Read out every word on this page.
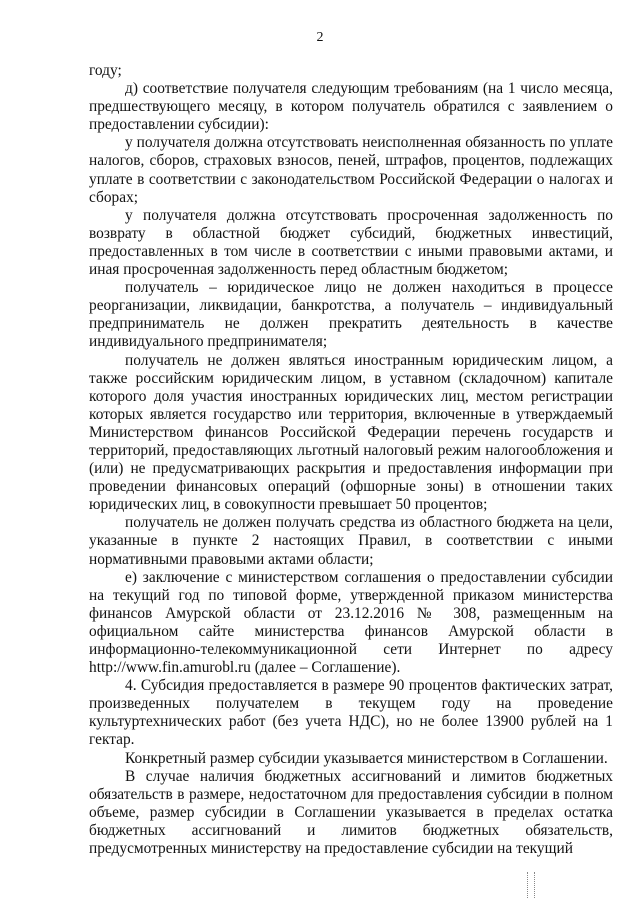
2

году;

д) соответствие получателя следующим требованиям (на 1 число месяца, предшествующего месяцу, в котором получатель обратился с заявлением о предоставлении субсидии):

у получателя должна отсутствовать неисполненная обязанность по уплате налогов, сборов, страховых взносов, пеней, штрафов, процентов, подлежащих уплате в соответствии с законодательством Российской Федерации о налогах и сборах;

у получателя должна отсутствовать просроченная задолженность по возврату в областной бюджет субсидий, бюджетных инвестиций, предоставленных в том числе в соответствии с иными правовыми актами, и иная просроченная задолженность перед областным бюджетом;

получатель – юридическое лицо не должен находиться в процессе реорганизации, ликвидации, банкротства, а получатель – индивидуальный предприниматель не должен прекратить деятельность в качестве индивидуального предпринимателя;

получатель не должен являться иностранным юридическим лицом, а также российским юридическим лицом, в уставном (складочном) капитале которого доля участия иностранных юридических лиц, местом регистрации которых является государство или территория, включенные в утверждаемый Министерством финансов Российской Федерации перечень государств и территорий, предоставляющих льготный налоговый режим налогообложения и (или) не предусматривающих раскрытия и предоставления информации при проведении финансовых операций (офшорные зоны) в отношении таких юридических лиц, в совокупности превышает 50 процентов;

получатель не должен получать средства из областного бюджета на цели, указанные в пункте 2 настоящих Правил, в соответствии с иными нормативными правовыми актами области;

е) заключение с министерством соглашения о предоставлении субсидии на текущий год по типовой форме, утвержденной приказом министерства финансов Амурской области от 23.12.2016 № 308, размещенным на официальном сайте министерства финансов Амурской области в информационно-телекоммуникационной сети Интернет по адресу http://www.fin.amurobl.ru (далее – Соглашение).

4. Субсидия предоставляется в размере 90 процентов фактических затрат, произведенных получателем в текущем году на проведение культуртехнических работ (без учета НДС), но не более 13900 рублей на 1 гектар.

Конкретный размер субсидии указывается министерством в Соглашении.

В случае наличия бюджетных ассигнований и лимитов бюджетных обязательств в размере, недостаточном для предоставления субсидии в полном объеме, размер субсидии в Соглашении указывается в пределах остатка бюджетных ассигнований и лимитов бюджетных обязательств, предусмотренных министерству на предоставление субсидии на текущий
